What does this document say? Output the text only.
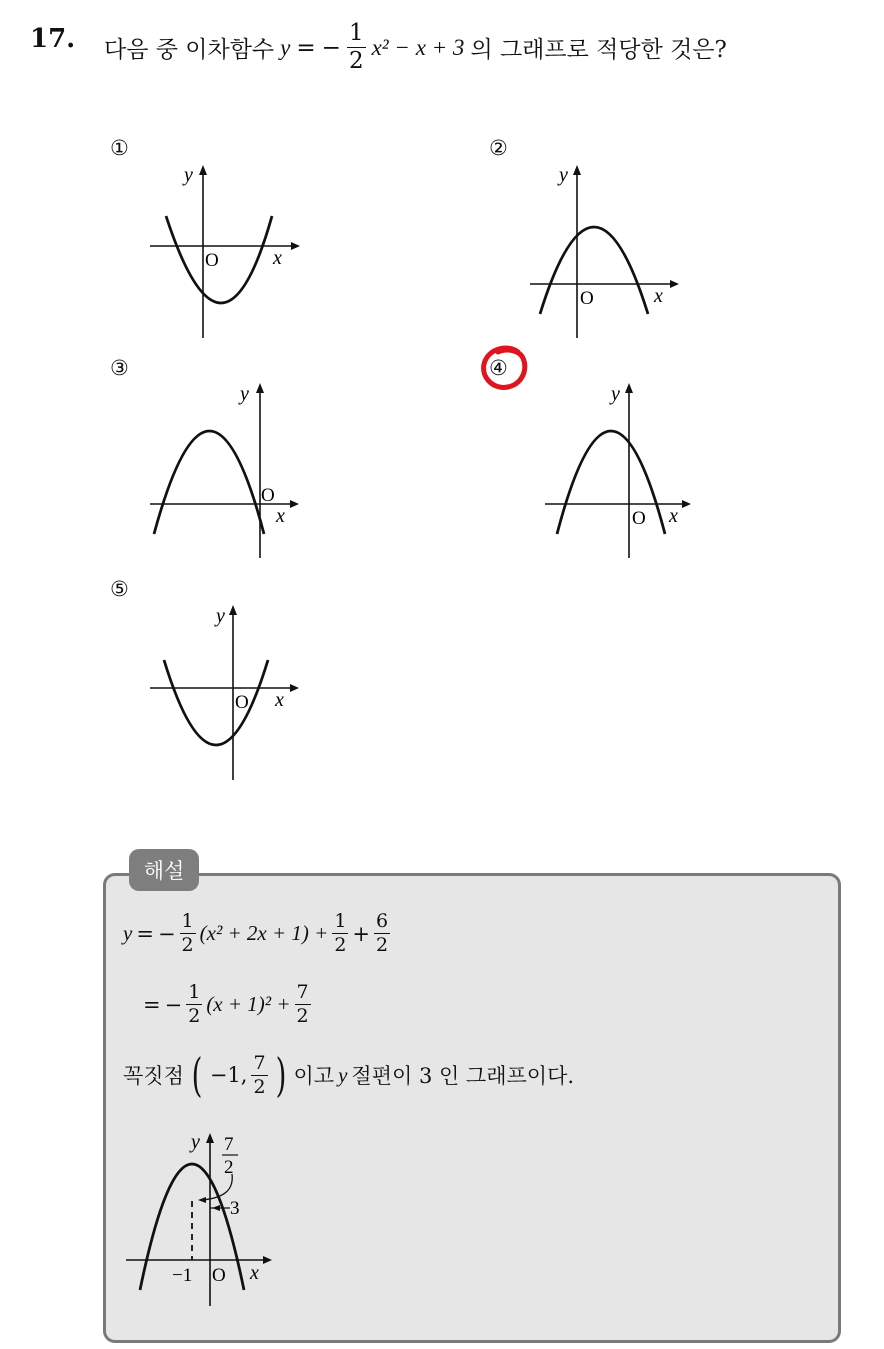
17. 다음 중 이차함수 y = − $\frac{1}{2} x^2 - x + 3$ 의 그래프로 적당한 것은?
①	②
③	④
⑤
y
x
O
y
x
O
y
x
O
y
x
O
y
x
O
해설
y = − $\frac{1}{2} (x^2 + 2x + 1) + \frac{1}{2} + \frac{6}{2}$
= − $\frac{1}{2} (x + 1)^2 + \frac{7}{2}$
꼭짓점 ( −1, $\frac{7}{2}$ ) 이고 y 절편이 3 인 그래프이다.
y
x
O
−1
3
7
2
